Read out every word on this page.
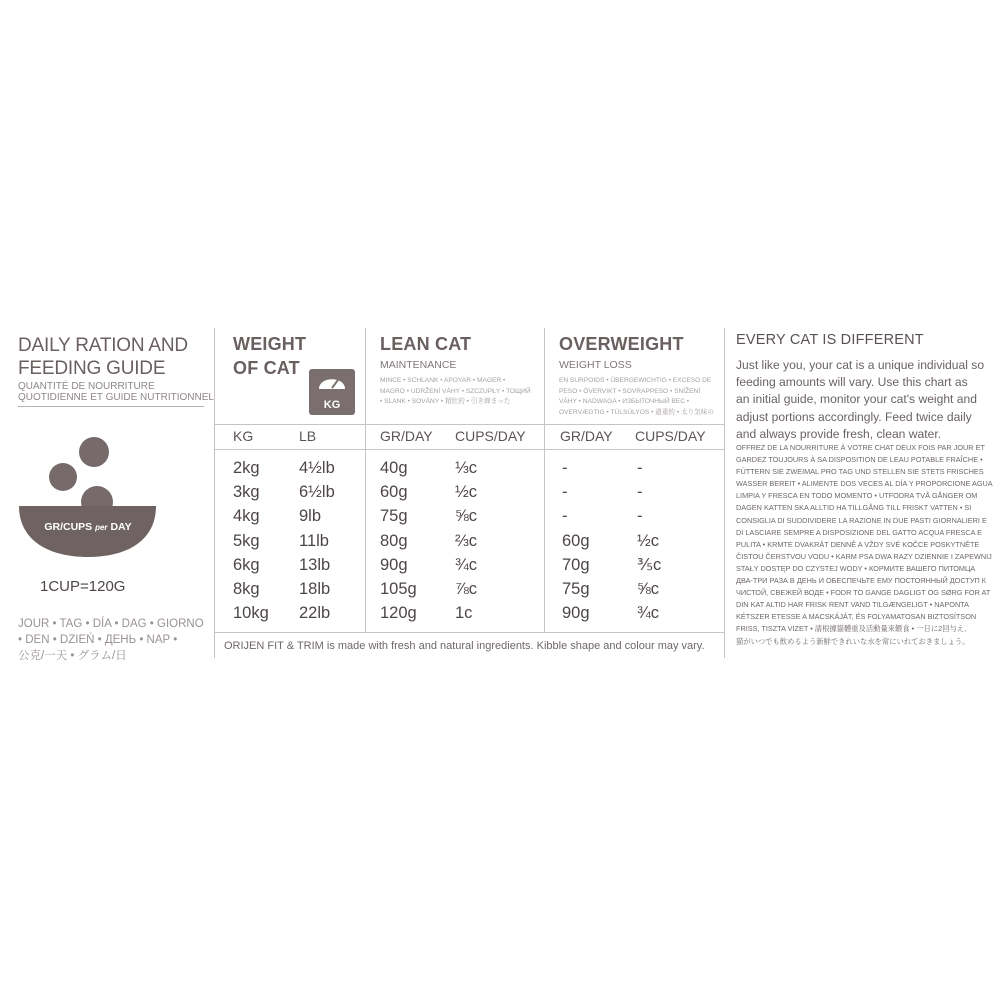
DAILY RATION AND
FEEDING GUIDE
QUANTITÉ DE NOURRITURE
QUOTIDIENNE ET GUIDE NUTRITIONNEL
GR/CUPS per DAY
1CUP=120G
JOUR • TAG • DÍA • DAG • GIORNO
• DEN • DZIEŃ • ДЕНЬ • NAP •
公克/一天 • グラム/日
WEIGHT
OF CAT
KG
LEAN CAT
MAINTENANCE
MINCE • SCHLANK • APOYAR • MAGER •
MAGRO • UDRŽENÍ VÁHY • SZCZUPŁY • ТОЩИЙ
• SLANK • SOVÁNY • 精壯的 • 引き締まった
OVERWEIGHT
WEIGHT LOSS
EN SURPOIDS • ÜBERGEWICHTIG • EXCESO DE
PESO • ÖVERVIKT • SOVRAPPESO • SNÍŽENÍ
VÁHY • NADWAGA • ИЗБЫТОЧНЫЙ ВЕС •
OVERVÆGTIG • TÚLSÚLYOS • 過重的 • 太り気味の
KG	LB	GR/DAY CUPS/DAY GR/DAY CUPS/DAY
2kg
3kg
4kg
5kg
6kg
8kg
10kg
4½lb
6½lb
9lb
11lb
13lb
18lb
22lb
40g
60g
75g
80g
90g
105g
120g
⅓c
½c
⅝c
⅔c
¾c
⅞c
1c
-
-
-
60g
70g
75g
90g
-
-
-
½c
⅗c
⅝c
¾c
ORIJEN FIT & TRIM is made with fresh and natural ingredients. Kibble shape and colour may vary.
EVERY CAT IS DIFFERENT
Just like you, your cat is a unique individual so
feeding amounts will vary. Use this chart as
an initial guide, monitor your cat's weight and
adjust portions accordingly. Feed twice daily
and always provide fresh, clean water.
OFFREZ DE LA NOURRITURE À VOTRE CHAT DEUX FOIS PAR JOUR ET
GARDEZ TOUJOURS À SA DISPOSITION DE LEAU POTABLE FRAÎCHE •
FÜTTERN SIE ZWEIMAL PRO TAG UND STELLEN SIE STETS FRISCHES
WASSER BEREIT • ALIMENTE DOS VECES AL DÍA Y PROPORCIONE AGUA
LIMPIA Y FRESCA EN TODO MOMENTO • UTFODRA TVÅ GÅNGER OM
DAGEN KATTEN SKA ALLTID HA TILLGÅNG TILL FRISKT VATTEN • SI
CONSIGLIA DI SUDDIVIDERE LA RAZIONE IN DUE PASTI GIORNALIERI E
DI LASCIARE SEMPRE A DISPOSIZIONE DEL GATTO ACQUA FRESCA E
PULITA • KRMTE DVAKRÁT DENNĚ A VŽDY SVÉ KOČCE POSKYTNĚTE
ČISTOU ČERSTVOU VODU • KARM PSA DWA RAZY DZIENNIE I ZAPEWNIJ
STAŁY DOSTĘP DO CZYSTEJ WODY • КОРМИТЕ ВАШЕГО ПИТОМЦА
ДВА-ТРИ РАЗА В ДЕНЬ И ОБЕСПЕЧЬТЕ ЕМУ ПОСТОЯННЫЙ ДОСТУП К
ЧИСТОЙ, СВЕЖЕЙ ВОДЕ • FODR TO GANGE DAGLIGT OG SØRG FOR AT
DIN KAT ALTID HAR FRISK RENT VAND TILGÆNGELIGT • NAPONTA
KÉTSZER ETESSE A MACSKÁJÁT, ÉS FOLYAMATOSAN BIZTOSÍTSON
FRISS, TISZTA VIZET • 請根據貓體重及活動量來餵食 • 一日に2回与え,
猫がいつでも飲めるよう新鮮できれいな水を常にいれておきましょう。
